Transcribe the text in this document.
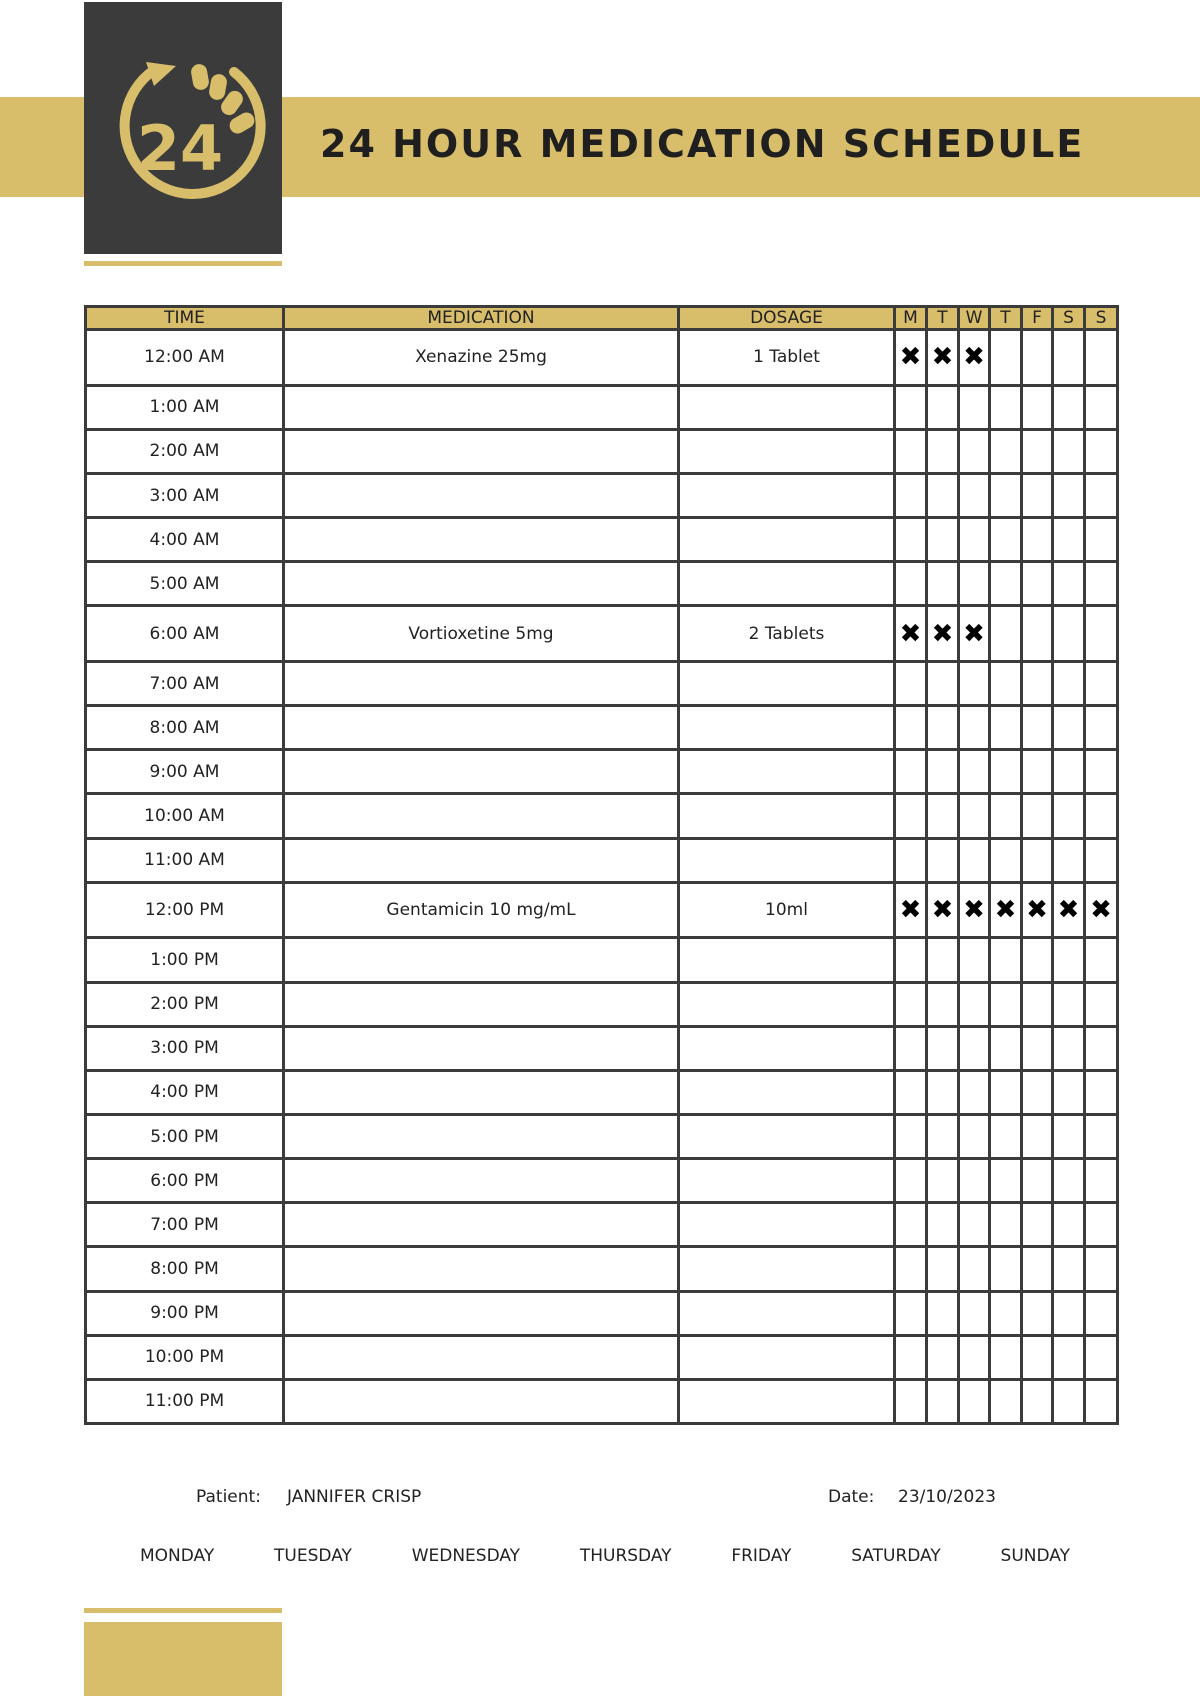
24	24 HOUR MEDICATION SCHEDULE
TIME	MEDICATION	DOSAGE	M	T	W	T	F	S	S
12:00 AM	Xenazine 25mg	1 Tablet	✖	✖	✖				
1:00 AM									
2:00 AM									
3:00 AM									
4:00 AM									
5:00 AM									
6:00 AM	Vortioxetine 5mg	2 Tablets	✖	✖	✖				
7:00 AM									
8:00 AM									
9:00 AM									
10:00 AM									
11:00 AM									
12:00 PM	Gentamicin 10 mg/mL	10ml	✖	✖	✖	✖	✖	✖	✖
1:00 PM									
2:00 PM									
3:00 PM									
4:00 PM									
5:00 PM									
6:00 PM									
7:00 PM									
8:00 PM									
9:00 PM									
10:00 PM									
11:00 PM									
Patient: JANNIFER CRISP	Date: 23/10/2023
MONDAY	TUESDAY	WEDNESDAY	THURSDAY	FRIDAY	SATURDAY	SUNDAY
